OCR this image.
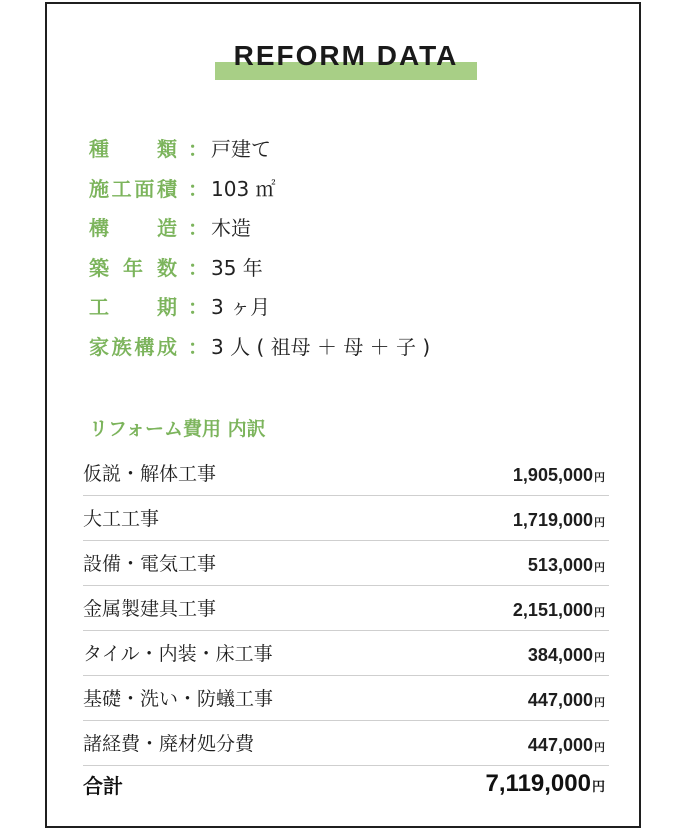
REFORM DATA
種 類 ： 戸建て
施 工 面 積 ： 103 ㎡
構 造 ： 木造
築 年 数 ： 35 年
工 期 ： 3 ヶ月
家 族 構 成 ： 3 人 ( 祖母 ＋ 母 ＋ 子 )
リフォーム費用 内訳
仮説・解体工事	1,905,000円
大工工事	1,719,000円
設備・電気工事	513,000円
金属製建具工事	2,151,000円
タイル・内装・床工事	384,000円
基礎・洗い・防蟻工事	447,000円
諸経費・廃材処分費	447,000円
合計	7,119,000円
